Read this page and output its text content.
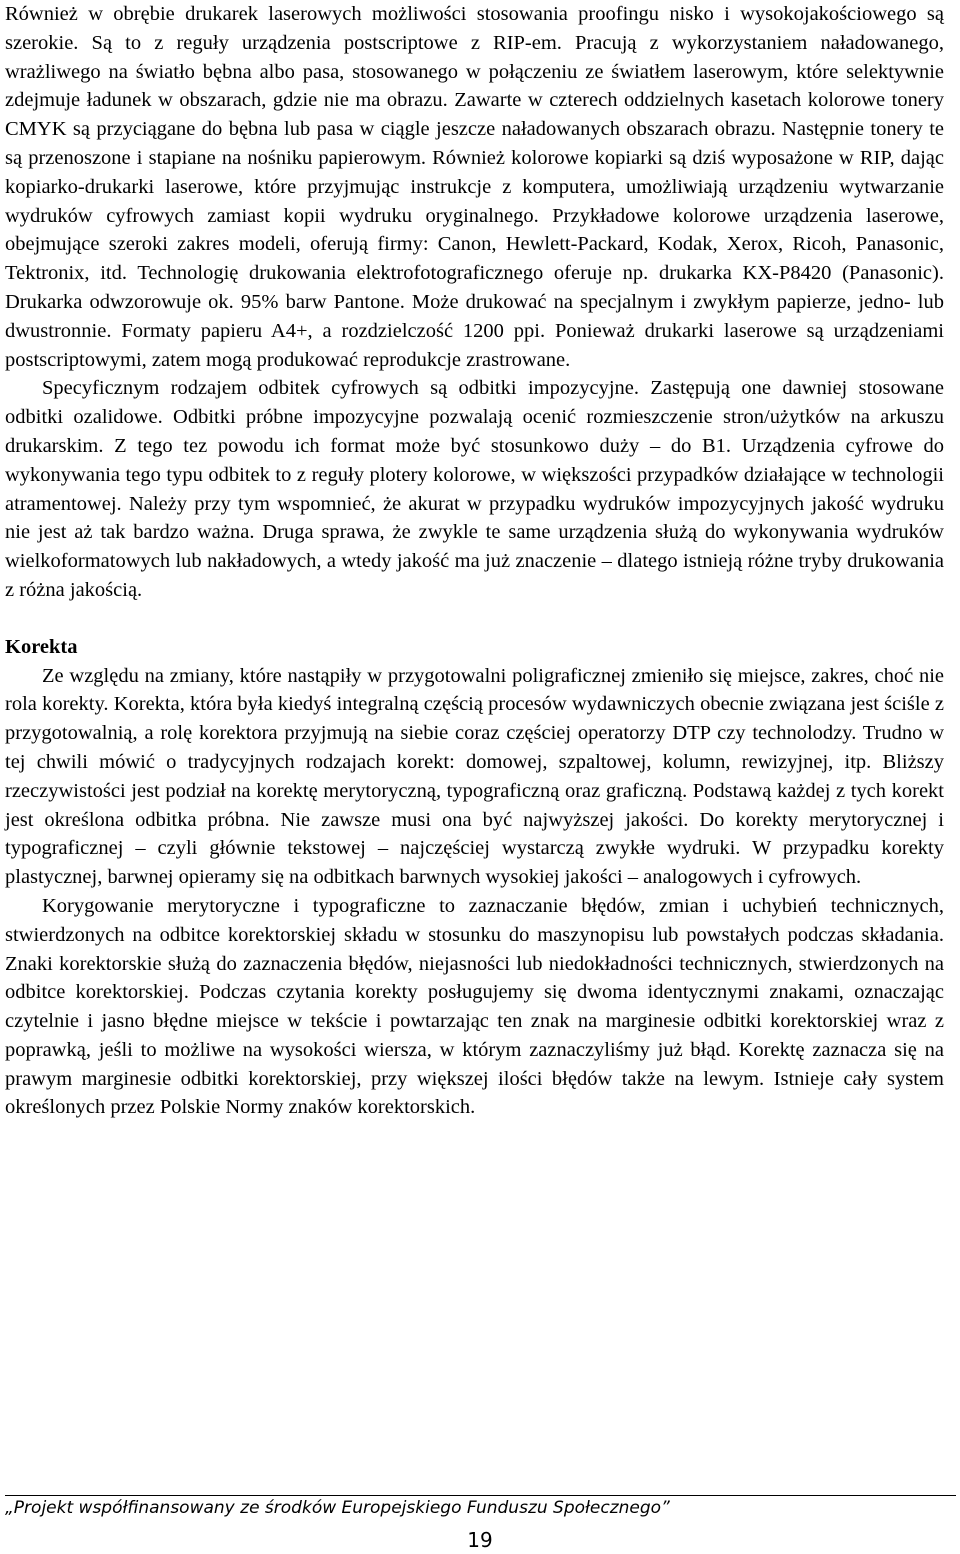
Również w obrębie drukarek laserowych możliwości stosowania proofingu nisko i wysokojakościowego są szerokie. Są to z reguły urządzenia postscriptowe z RIP-em. Pracują z wykorzystaniem naładowanego, wrażliwego na światło bębna albo pasa, stosowanego w połączeniu ze światłem laserowym, które selektywnie zdejmuje ładunek w obszarach, gdzie nie ma obrazu. Zawarte w czterech oddzielnych kasetach kolorowe tonery CMYK są przyciągane do bębna lub pasa w ciągle jeszcze naładowanych obszarach obrazu. Następnie tonery te są przenoszone i stapiane na nośniku papierowym. Również kolorowe kopiarki są dziś wyposażone w RIP, dając kopiarko-drukarki laserowe, które przyjmując instrukcje z komputera, umożliwiają urządzeniu wytwarzanie wydruków cyfrowych zamiast kopii wydruku oryginalnego. Przykładowe kolorowe urządzenia laserowe, obejmujące szeroki zakres modeli, oferują firmy: Canon, Hewlett-Packard, Kodak, Xerox, Ricoh, Panasonic, Tektronix, itd. Technologię drukowania elektrofotograficznego oferuje np. drukarka KX-P8420 (Panasonic). Drukarka odwzorowuje ok. 95% barw Pantone. Może drukować na specjalnym i zwykłym papierze, jedno- lub dwustronnie. Formaty papieru A4+, a rozdzielczość 1200 ppi. Ponieważ drukarki laserowe są urządzeniami postscriptowymi, zatem mogą produkować reprodukcje zrastrowane.

Specyficznym rodzajem odbitek cyfrowych są odbitki impozycyjne. Zastępują one dawniej stosowane odbitki ozalidowe. Odbitki próbne impozycyjne pozwalają ocenić rozmieszczenie stron/użytków na arkuszu drukarskim. Z tego tez powodu ich format może być stosunkowo duży – do B1. Urządzenia cyfrowe do wykonywania tego typu odbitek to z reguły plotery kolorowe, w większości przypadków działające w technologii atramentowej. Należy przy tym wspomnieć, że akurat w przypadku wydruków impozycyjnych jakość wydruku nie jest aż tak bardzo ważna. Druga sprawa, że zwykle te same urządzenia służą do wykonywania wydruków wielkoformatowych lub nakładowych, a wtedy jakość ma już znaczenie – dlatego istnieją różne tryby drukowania z różna jakością.

Korekta

Ze względu na zmiany, które nastąpiły w przygotowalni poligraficznej zmieniło się miejsce, zakres, choć nie rola korekty. Korekta, która była kiedyś integralną częścią procesów wydawniczych obecnie związana jest ściśle z przygotowalnią, a rolę korektora przyjmują na siebie coraz częściej operatorzy DTP czy technolodzy. Trudno w tej chwili mówić o tradycyjnych rodzajach korekt: domowej, szpaltowej, kolumn, rewizyjnej, itp. Bliższy rzeczywistości jest podział na korektę merytoryczną, typograficzną oraz graficzną. Podstawą każdej z tych korekt jest określona odbitka próbna. Nie zawsze musi ona być najwyższej jakości. Do korekty merytorycznej i typograficznej – czyli głównie tekstowej – najczęściej wystarczą zwykłe wydruki. W przypadku korekty plastycznej, barwnej opieramy się na odbitkach barwnych wysokiej jakości – analogowych i cyfrowych.

Korygowanie merytoryczne i typograficzne to zaznaczanie błędów, zmian i uchybień technicznych, stwierdzonych na odbitce korektorskiej składu w stosunku do maszynopisu lub powstałych podczas składania. Znaki korektorskie służą do zaznaczenia błędów, niejasności lub niedokładności technicznych, stwierdzonych na odbitce korektorskiej. Podczas czytania korekty posługujemy się dwoma identycznymi znakami, oznaczając czytelnie i jasno błędne miejsce w tekście i powtarzając ten znak na marginesie odbitki korektorskiej wraz z poprawką, jeśli to możliwe na wysokości wiersza, w którym zaznaczyliśmy już błąd. Korektę zaznacza się na prawym marginesie odbitki korektorskiej, przy większej ilości błędów także na lewym. Istnieje cały system określonych przez Polskie Normy znaków korektorskich.

„Projekt współfinansowany ze środków Europejskiego Funduszu Społecznego”
19
